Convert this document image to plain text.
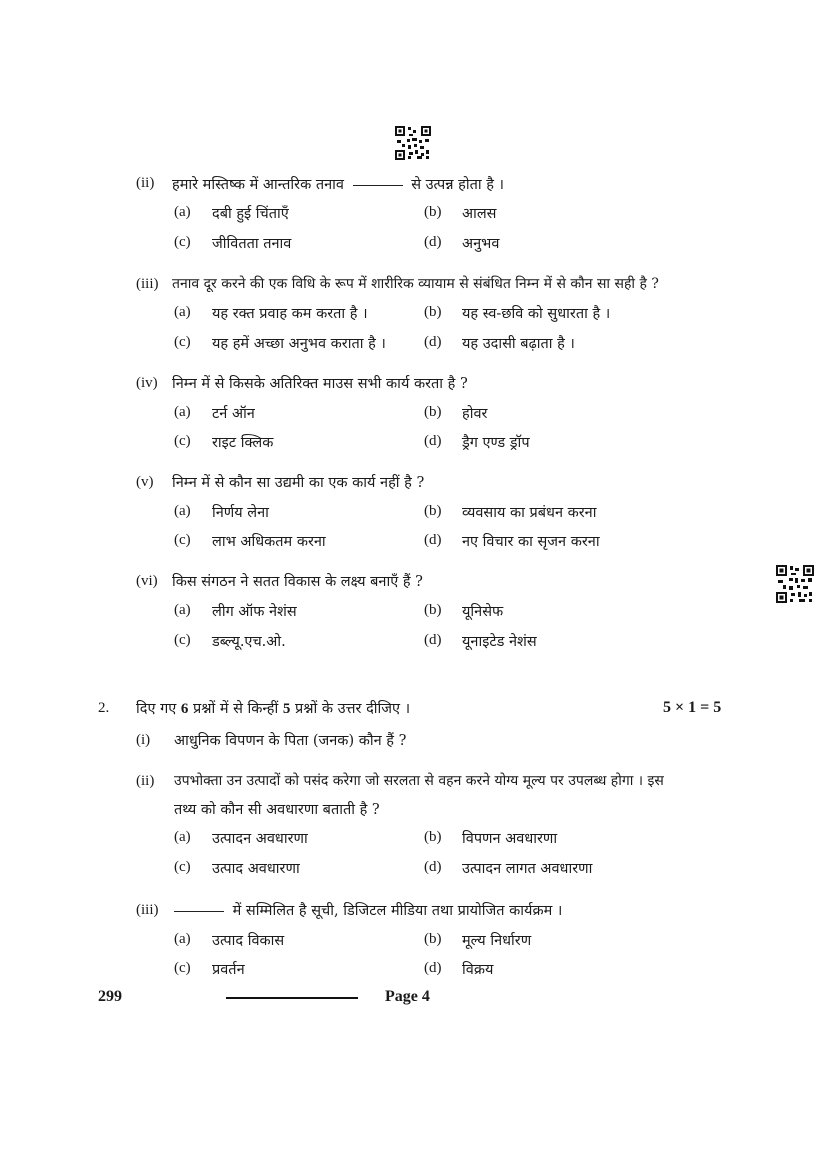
(ii) हमारे मस्तिष्क में आन्तरिक तनाव	से उत्पन्न होता है ।
(a) दबी हुई चिंताएँ	(b) आलस
(c) जीवितता तनाव	(d) अनुभव
(iii) तनाव दूर करने की एक विधि के रूप में शारीरिक व्यायाम से संबंधित निम्न में से कौन सा सही है ?
(a) यह रक्त प्रवाह कम करता है ।	(b) यह स्व-छवि को सुधारता है ।
(c) यह हमें अच्छा अनुभव कराता है ।	(d) यह उदासी बढ़ाता है ।
(iv) निम्न में से किसके अतिरिक्त माउस सभी कार्य करता है ?
(a) टर्न ऑन	(b) होवर
(c) राइट क्लिक	(d) ड्रैग एण्ड ड्रॉप
(v) निम्न में से कौन सा उद्यमी का एक कार्य नहीं है ?
(a) निर्णय लेना	(b) व्यवसाय का प्रबंधन करना
(c) लाभ अधिकतम करना	(d) नए विचार का सृजन करना
(vi) किस संगठन ने सतत विकास के लक्ष्य बनाएँ हैं ?
(a) लीग ऑफ नेशंस	(b) यूनिसेफ
(c) डब्ल्यू.एच.ओ.	(d) यूनाइटेड नेशंस
2. दिए गए 6 प्रश्नों में से किन्हीं 5 प्रश्नों के उत्तर दीजिए ।	5 × 1 = 5
(i) आधुनिक विपणन के पिता (जनक) कौन हैं ?
(ii) उपभोक्ता उन उत्पादों को पसंद करेगा जो सरलता से वहन करने योग्य मूल्य पर उपलब्ध होगा । इस
तथ्य को कौन सी अवधारणा बताती है ?
(a) उत्पादन अवधारणा	(b) विपणन अवधारणा
(c) उत्पाद अवधारणा	(d) उत्पादन लागत अवधारणा
(iii)	में सम्मिलित है सूची, डिजिटल मीडिया तथा प्रायोजित कार्यक्रम ।
(a) उत्पाद विकास	(b) मूल्य निर्धारण
(c) प्रवर्तन	(d) विक्रय
299	Page 4
